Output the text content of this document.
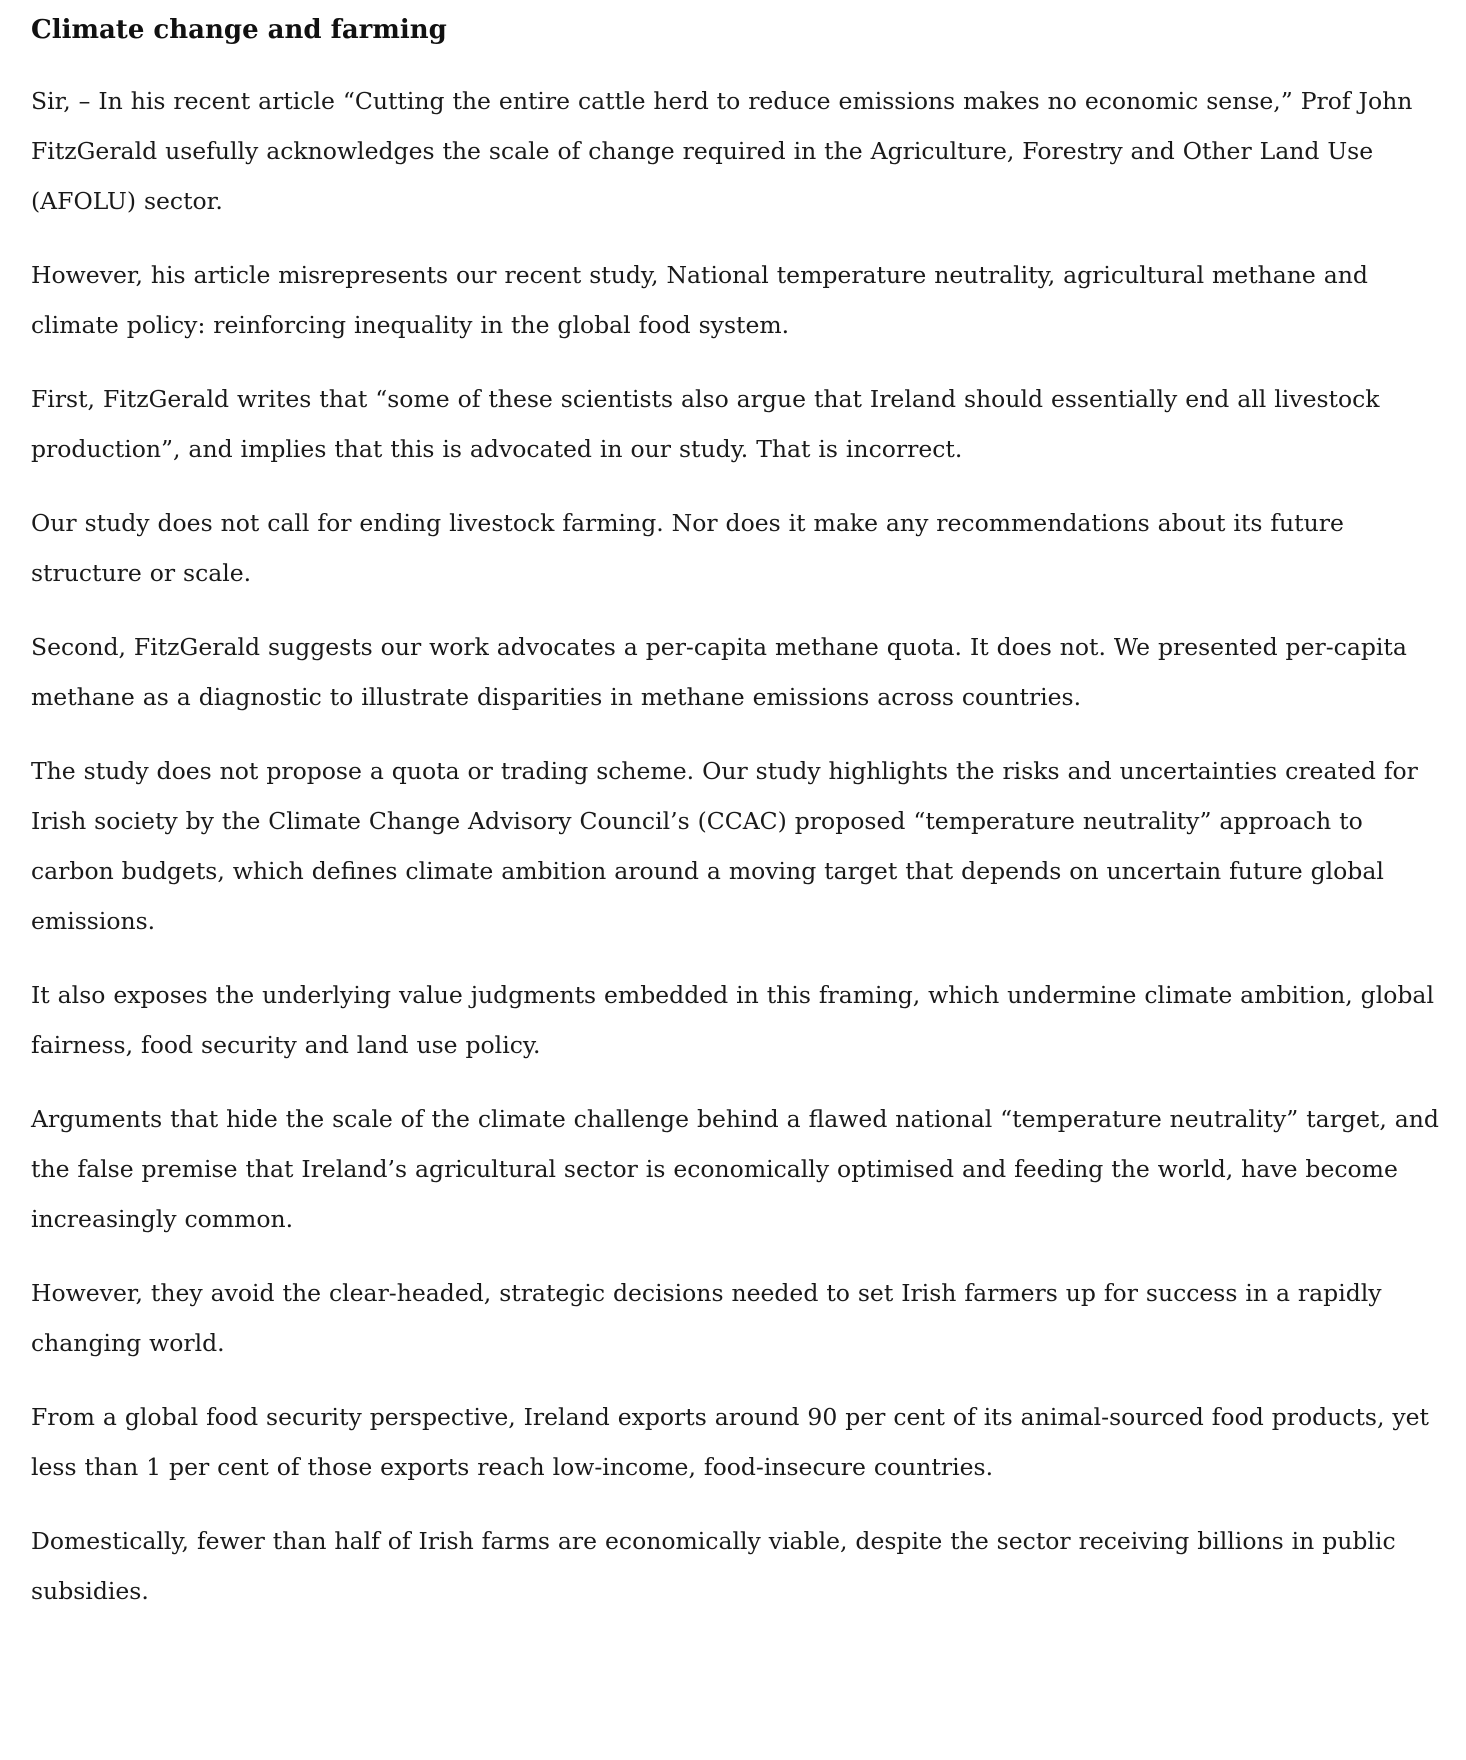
Climate change and farming

Sir, – In his recent article “Cutting the entire cattle herd to reduce emissions makes no economic sense,” Prof John FitzGerald usefully acknowledges the scale of change required in the Agriculture, Forestry and Other Land Use (AFOLU) sector.

However, his article misrepresents our recent study, National temperature neutrality, agricultural methane and climate policy: reinforcing inequality in the global food system.

First, FitzGerald writes that “some of these scientists also argue that Ireland should essentially end all livestock production”, and implies that this is advocated in our study. That is incorrect.

Our study does not call for ending livestock farming. Nor does it make any recommendations about its future structure or scale.

Second, FitzGerald suggests our work advocates a per-capita methane quota. It does not. We presented per-capita methane as a diagnostic to illustrate disparities in methane emissions across countries.

The study does not propose a quota or trading scheme. Our study highlights the risks and uncertainties created for Irish society by the Climate Change Advisory Council’s (CCAC) proposed “temperature neutrality” approach to carbon budgets, which defines climate ambition around a moving target that depends on uncertain future global emissions.

It also exposes the underlying value judgments embedded in this framing, which undermine climate ambition, global fairness, food security and land use policy.

Arguments that hide the scale of the climate challenge behind a flawed national “temperature neutrality” target, and the false premise that Ireland’s agricultural sector is economically optimised and feeding the world, have become increasingly common.

However, they avoid the clear-headed, strategic decisions needed to set Irish farmers up for success in a rapidly changing world.

From a global food security perspective, Ireland exports around 90 per cent of its animal-sourced food products, yet less than 1 per cent of those exports reach low-income, food-insecure countries.

Domestically, fewer than half of Irish farms are economically viable, despite the sector receiving billions in public subsidies.
